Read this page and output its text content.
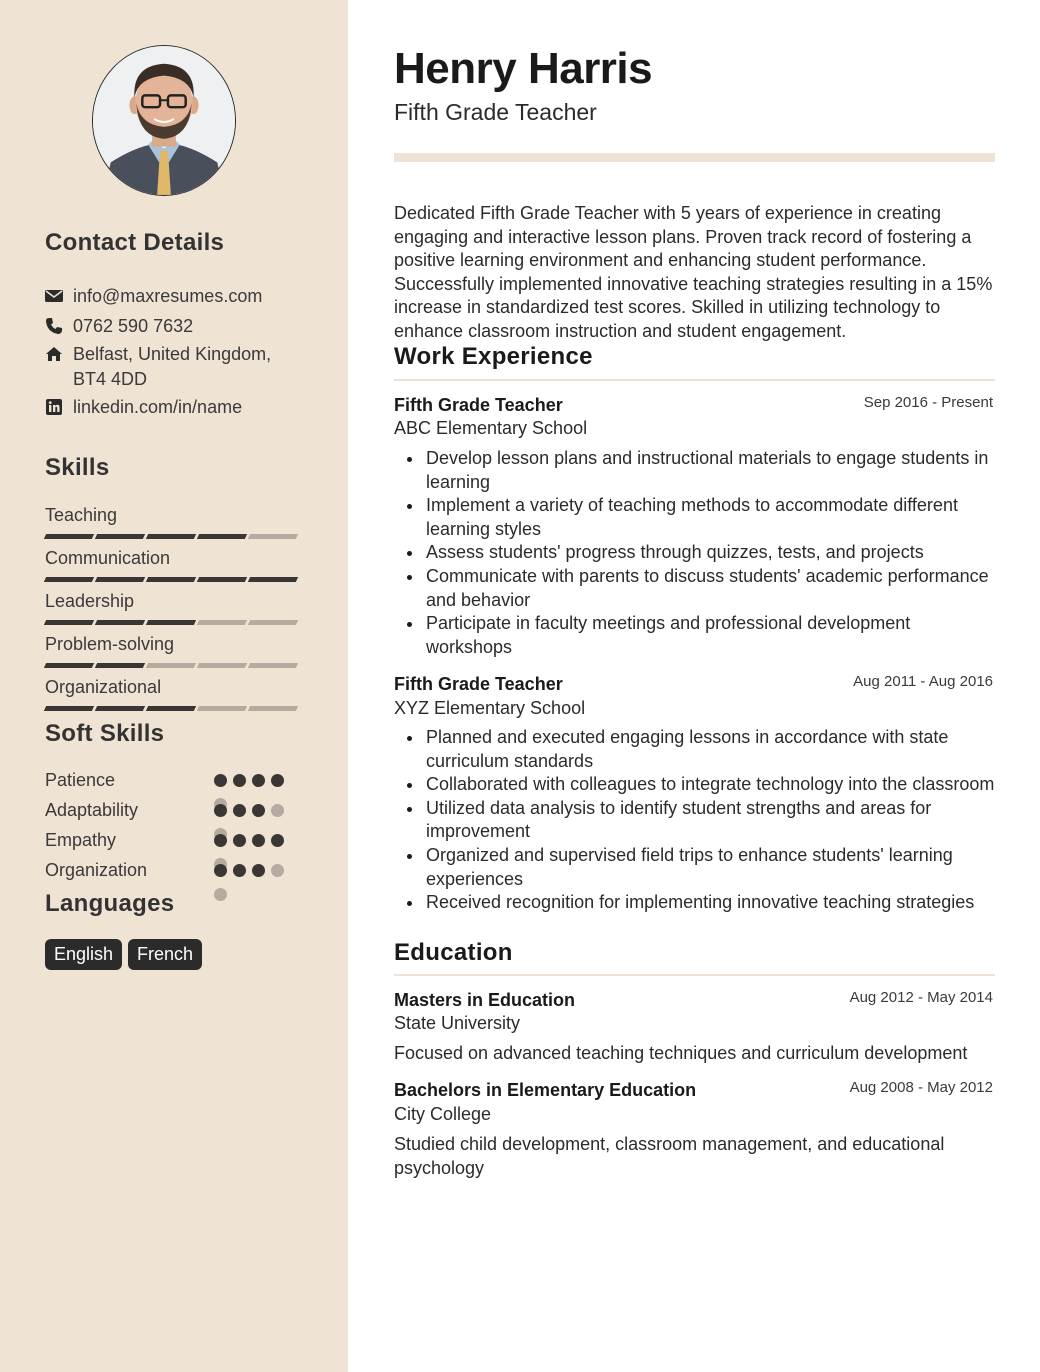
Contact Details
info@maxresumes.com
0762 590 7632
Belfast, United Kingdom, BT4 4DD
linkedin.com/in/name
Skills
Teaching
Communication
Leadership
Problem-solving
Organizational
Soft Skills
Patience
Adaptability
Empathy
Organization
Languages
English	French
Henry Harris
Fifth Grade Teacher
Dedicated Fifth Grade Teacher with 5 years of experience in creating engaging and interactive lesson plans. Proven track record of fostering a positive learning environment and enhancing student performance. Successfully implemented innovative teaching strategies resulting in a 15% increase in standardized test scores. Skilled in utilizing technology to enhance classroom instruction and student engagement.
Work Experience
Fifth Grade Teacher	Sep 2016 - Present
ABC Elementary School
Develop lesson plans and instructional materials to engage students in learning
Implement a variety of teaching methods to accommodate different learning styles
Assess students' progress through quizzes, tests, and projects
Communicate with parents to discuss students' academic performance and behavior
Participate in faculty meetings and professional development workshops
Fifth Grade Teacher	Aug 2011 - Aug 2016
XYZ Elementary School
Planned and executed engaging lessons in accordance with state curriculum standards
Collaborated with colleagues to integrate technology into the classroom
Utilized data analysis to identify student strengths and areas for improvement
Organized and supervised field trips to enhance students' learning experiences
Received recognition for implementing innovative teaching strategies
Education
Masters in Education	Aug 2012 - May 2014
State University
Focused on advanced teaching techniques and curriculum development
Bachelors in Elementary Education	Aug 2008 - May 2012
City College
Studied child development, classroom management, and educational psychology
